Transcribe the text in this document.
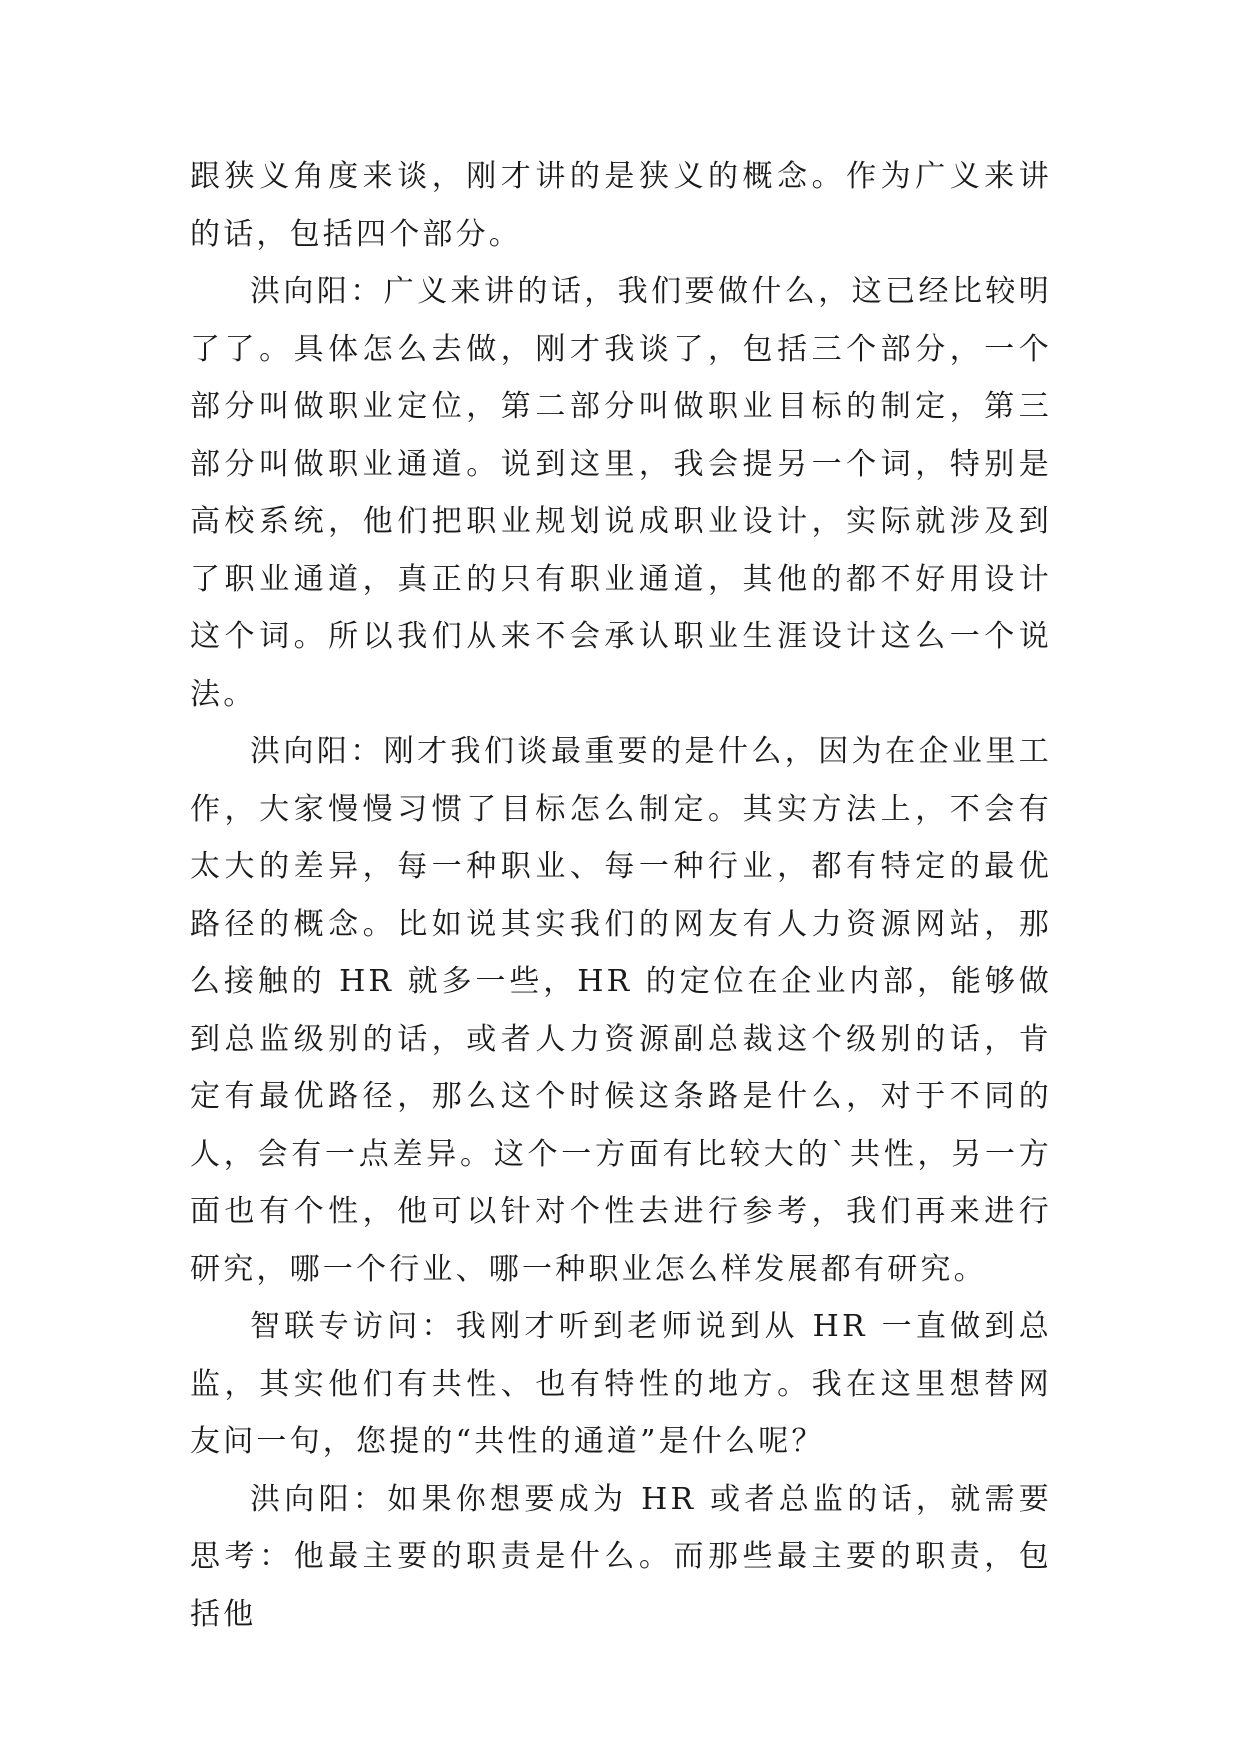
跟狭义角度来谈，刚才讲的是狭义的概念。作为广义来讲的话，包括四个部分。

洪向阳：广义来讲的话，我们要做什么，这已经比较明了了。具体怎么去做，刚才我谈了，包括三个部分，一个部分叫做职业定位，第二部分叫做职业目标的制定，第三部分叫做职业通道。说到这里，我会提另一个词，特别是高校系统，他们把职业规划说成职业设计，实际就涉及到了职业通道，真正的只有职业通道，其他的都不好用设计这个词。所以我们从来不会承认职业生涯设计这么一个说法。

洪向阳：刚才我们谈最重要的是什么，因为在企业里工作，大家慢慢习惯了目标怎么制定。其实方法上，不会有太大的差异，每一种职业、每一种行业，都有特定的最优路径的概念。比如说其实我们的网友有人力资源网站，那么接触的 HR 就多一些，HR 的定位在企业内部，能够做到总监级别的话，或者人力资源副总裁这个级别的话，肯定有最优路径，那么这个时候这条路是什么，对于不同的人，会有一点差异。这个一方面有比较大的`共性，另一方面也有个性，他可以针对个性去进行参考，我们再来进行研究，哪一个行业、哪一种职业怎么样发展都有研究。

智联专访问：我刚才听到老师说到从 HR 一直做到总监，其实他们有共性、也有特性的地方。我在这里想替网友问一句，您提的“共性的通道”是什么呢？

洪向阳：如果你想要成为 HR 或者总监的话，就需要思考：他最主要的职责是什么。而那些最主要的职责，包括他
